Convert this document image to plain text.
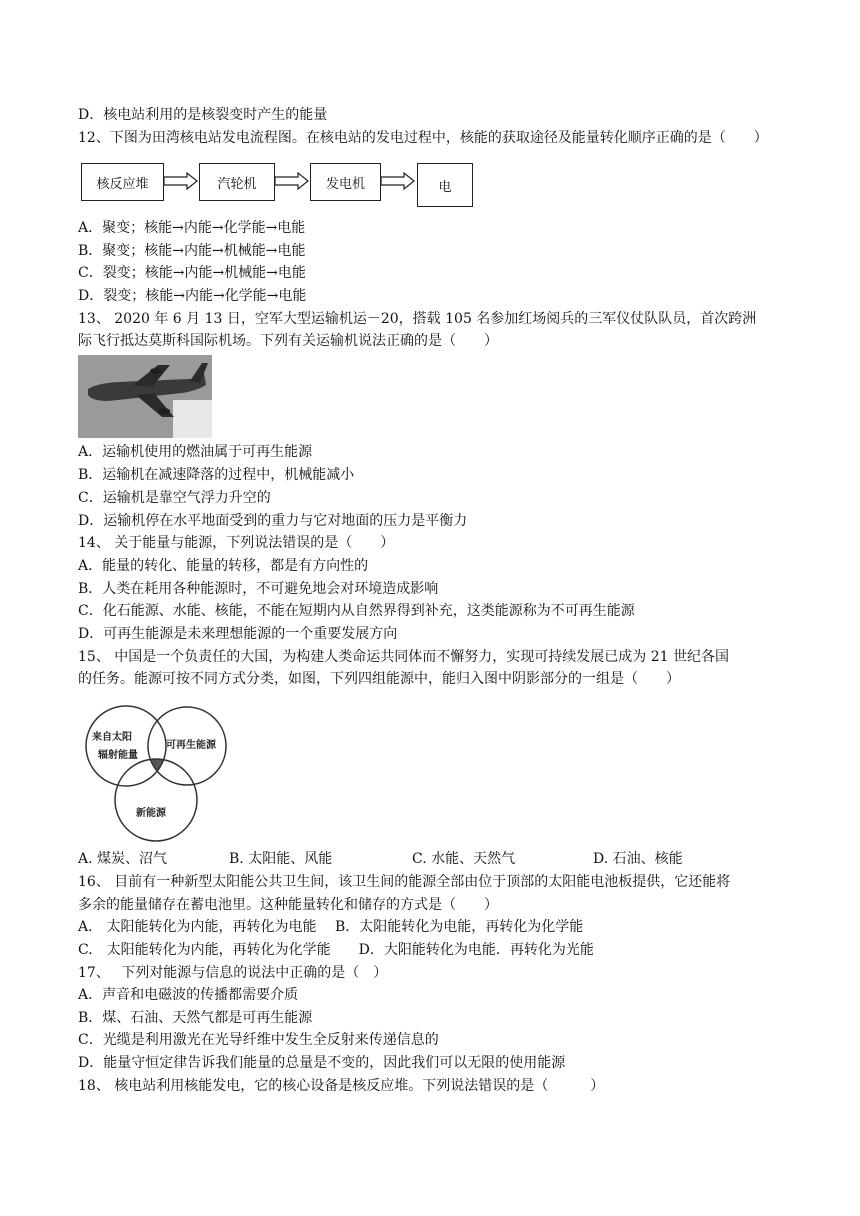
D．核电站利用的是核裂变时产生的能量
12、下图为田湾核电站发电流程图。在核电站的发电过程中，核能的获取途径及能量转化顺序正确的是（　　）
核反应堆	汽轮机	发电机	电
A．聚变；核能→内能→化学能→电能
B．聚变；核能→内能→机械能→电能
C．裂变；核能→内能→机械能→电能
D．裂变；核能→内能→化学能→电能
13、 2020 年 6 月 13 日，空军大型运输机运－20，搭载 105 名参加红场阅兵的三军仪仗队队员，首次跨洲
际飞行抵达莫斯科国际机场。下列有关运输机说法正确的是（　　）
A．运输机使用的燃油属于可再生能源
B．运输机在减速降落的过程中，机械能减小
C．运输机是靠空气浮力升空的
D．运输机停在水平地面受到的重力与它对地面的压力是平衡力
14、 关于能量与能源，下列说法错误的是（　　）
A．能量的转化、能量的转移，都是有方向性的
B．人类在耗用各种能源时，不可避免地会对环境造成影响
C．化石能源、水能、核能，不能在短期内从自然界得到补充，这类能源称为不可再生能源
D．可再生能源是未来理想能源的一个重要发展方向
15、 中国是一个负责任的大国，为构建人类命运共同体而不懈努力，实现可持续发展已成为 21 世纪各国
的任务。能源可按不同方式分类，如图，下列四组能源中，能归入图中阴影部分的一组是（　　）
来自太阳
辐射能量
可再生能源
新能源
A. 煤炭、沼气	B. 太阳能、风能	C. 水能、天然气	D. 石油、核能
16、 目前有一种新型太阳能公共卫生间，该卫生间的能源全部由位于顶部的太阳能电池板提供，它还能将
多余的能量储存在蓄电池里。这种能量转化和储存的方式是（　　）
A.　太阳能转化为内能，再转化为电能　 B．太阳能转化为电能，再转化为化学能
C.　太阳能转化为内能，再转化为化学能　　D．大阳能转化为电能．再转化为光能
17、　 下列对能源与信息的说法中正确的是（　）
A．声音和电磁波的传播都需要介质
B．煤、石油、天然气都是可再生能源
C．光缆是利用激光在光导纤维中发生全反射来传递信息的
D．能量守恒定律告诉我们能量的总量是不变的，因此我们可以无限的使用能源
18、 核电站利用核能发电，它的核心设备是核反应堆。下列说法错误的是（　　　）
